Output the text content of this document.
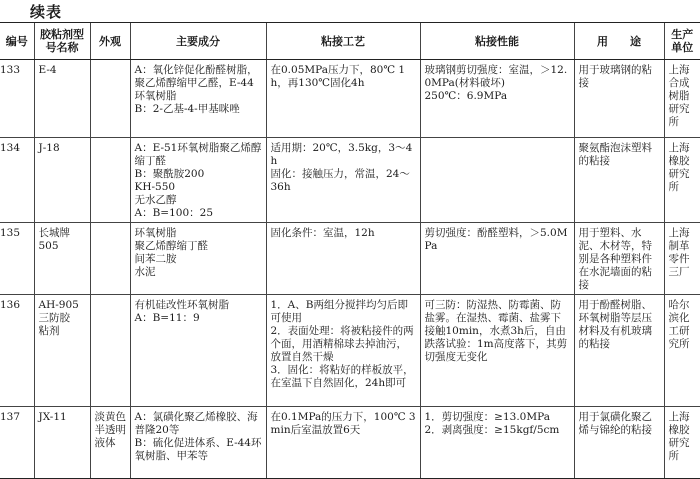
续表
编号	胶粘剂型
号名称	外观	主要成分	粘接工艺	粘接性能	用　　途	生产
单位
133	E-4		A：氧化锌促化酚醛树脂，聚乙烯醇缩甲乙醛，E-44环氧树脂
B：2-乙基-4-甲基咪唑	在0.05MPa压力下，80℃ 1h，再130℃固化4h	玻璃钢剪切强度：室温，＞12.0MPa(材料破坏)
250℃：6.9MPa	用于玻璃钢的粘接	上海合成树脂研究所
134	J-18		A：E-51环氧树脂聚乙烯醇缩丁醛
B：聚酰胺200
KH-550
无水乙醇
A：B=100：25	适用期：20℃，3.5kg，3～4h
固化：接触压力，常温，24～36h		聚氨酯泡沫塑料的粘接	上海橡胶研究所
135	长城牌
505		环氧树脂
聚乙烯醇缩丁醛
间苯二胺
水泥	固化条件：室温，12h	剪切强度：酚醛塑料，＞5.0MPa	用于塑料、水泥、木材等，特别是各种塑料件在水泥墙面的粘接	上海制革零件三厂
136	AH-905
三防胶
粘剂		有机硅改性环氧树脂
A：B=11：9	1．A、B两组分搅拌均匀后即可使用
2．表面处理：将被粘接件的两个面，用酒精棉球去掉油污，放置自然干燥
3．固化：将粘好的样板放平，在室温下自然固化，24h即可	可三防：防湿热、防霉菌、防盐雾。在湿热、霉菌、盐雾下接触10min，水煮3h后，自由跌落试验：1m高度落下，其剪切强度无变化	用于酚醛树脂、环氧树脂等层压材料及有机玻璃的粘接	哈尔滨化工研究所
137	JX-11	淡黄色半透明液体	A：氯磺化聚乙烯橡胶、海普隆20等
B：硫化促进体系、E-44环氧树脂、甲苯等	在0.1MPa的压力下，100℃ 3min后室温放置6天	1．剪切强度：≥13.0MPa
2．剥离强度：≥15kgf/5cm	用于氯磺化聚乙烯与锦纶的粘接	上海橡胶研究所
